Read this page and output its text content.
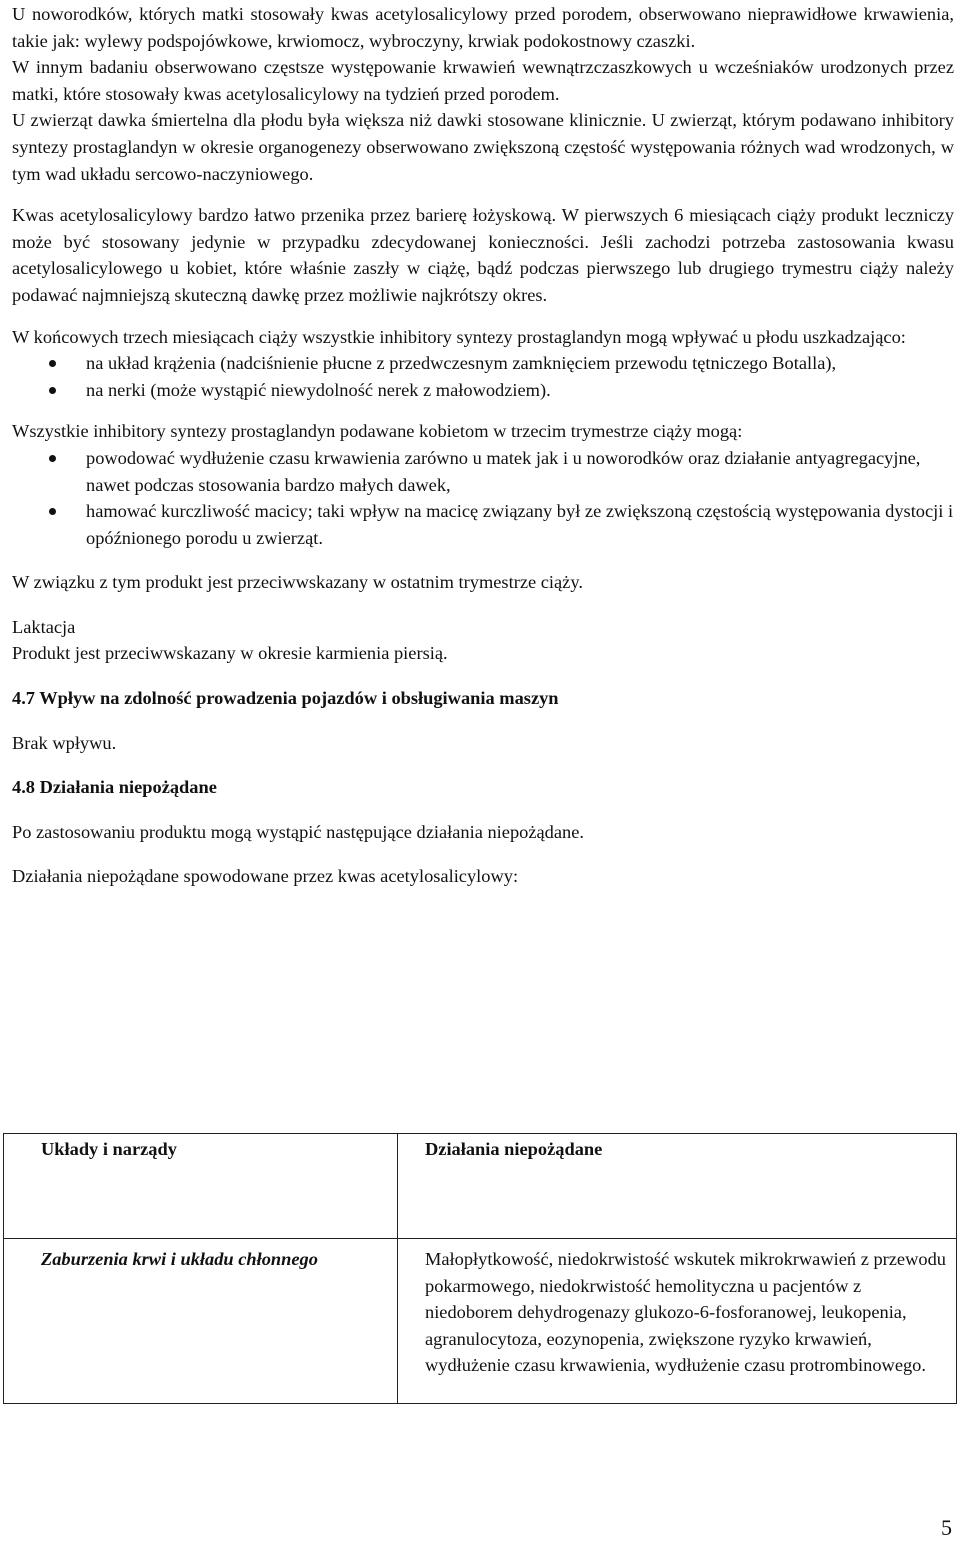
U noworodków, których matki stosowały kwas acetylosalicylowy przed porodem, obserwowano nieprawidłowe krwawienia, takie jak: wylewy podspojówkowe, krwiomocz, wybroczyny, krwiak podokostnowy czaszki.

W innym badaniu obserwowano częstsze występowanie krwawień wewnątrzczaszkowych u wcześniaków urodzonych przez matki, które stosowały kwas acetylosalicylowy na tydzień przed porodem.

U zwierząt dawka śmiertelna dla płodu była większa niż dawki stosowane klinicznie. U zwierząt, którym podawano inhibitory syntezy prostaglandyn w okresie organogenezy obserwowano zwiększoną częstość występowania różnych wad wrodzonych, w tym wad układu sercowo-naczyniowego.

Kwas acetylosalicylowy bardzo łatwo przenika przez barierę łożyskową. W pierwszych 6 miesiącach ciąży produkt leczniczy może być stosowany jedynie w przypadku zdecydowanej konieczności. Jeśli zachodzi potrzeba zastosowania kwasu acetylosalicylowego u kobiet, które właśnie zaszły w ciążę, bądź podczas pierwszego lub drugiego trymestru ciąży należy podawać najmniejszą skuteczną dawkę przez możliwie najkrótszy okres.

W końcowych trzech miesiącach ciąży wszystkie inhibitory syntezy prostaglandyn mogą wpływać u płodu uszkadzająco:

na układ krążenia (nadciśnienie płucne z przedwczesnym zamknięciem przewodu tętniczego Botalla),
na nerki (może wystąpić niewydolność nerek z małowodziem).

Wszystkie inhibitory syntezy prostaglandyn podawane kobietom w trzecim trymestrze ciąży mogą:

powodować wydłużenie czasu krwawienia zarówno u matek jak i u noworodków oraz działanie antyagregacyjne, nawet podczas stosowania bardzo małych dawek,
hamować kurczliwość macicy; taki wpływ na macicę związany był ze zwiększoną częstością występowania dystocji i opóźnionego porodu u zwierząt.

W związku z tym produkt jest przeciwwskazany w ostatnim trymestrze ciąży.

Laktacja

Produkt jest przeciwwskazany w okresie karmienia piersią.

4.7 Wpływ na zdolność prowadzenia pojazdów i obsługiwania maszyn

Brak wpływu.

4.8 Działania niepożądane

Po zastosowaniu produktu mogą wystąpić następujące działania niepożądane.

Działania niepożądane spowodowane przez kwas acetylosalicylowy:

Układy i narządy	Działania niepożądane

Zaburzenia krwi i układu chłonnego	Małopłytkowość, niedokrwistość wskutek mikrokrwawień z przewodu pokarmowego, niedokrwistość hemolityczna u pacjentów z niedoborem dehydrogenazy glukozo-6-fosforanowej, leukopenia, agranulocytoza, eozynopenia, zwiększone ryzyko krwawień, wydłużenie czasu krwawienia, wydłużenie czasu protrombinowego.
5
